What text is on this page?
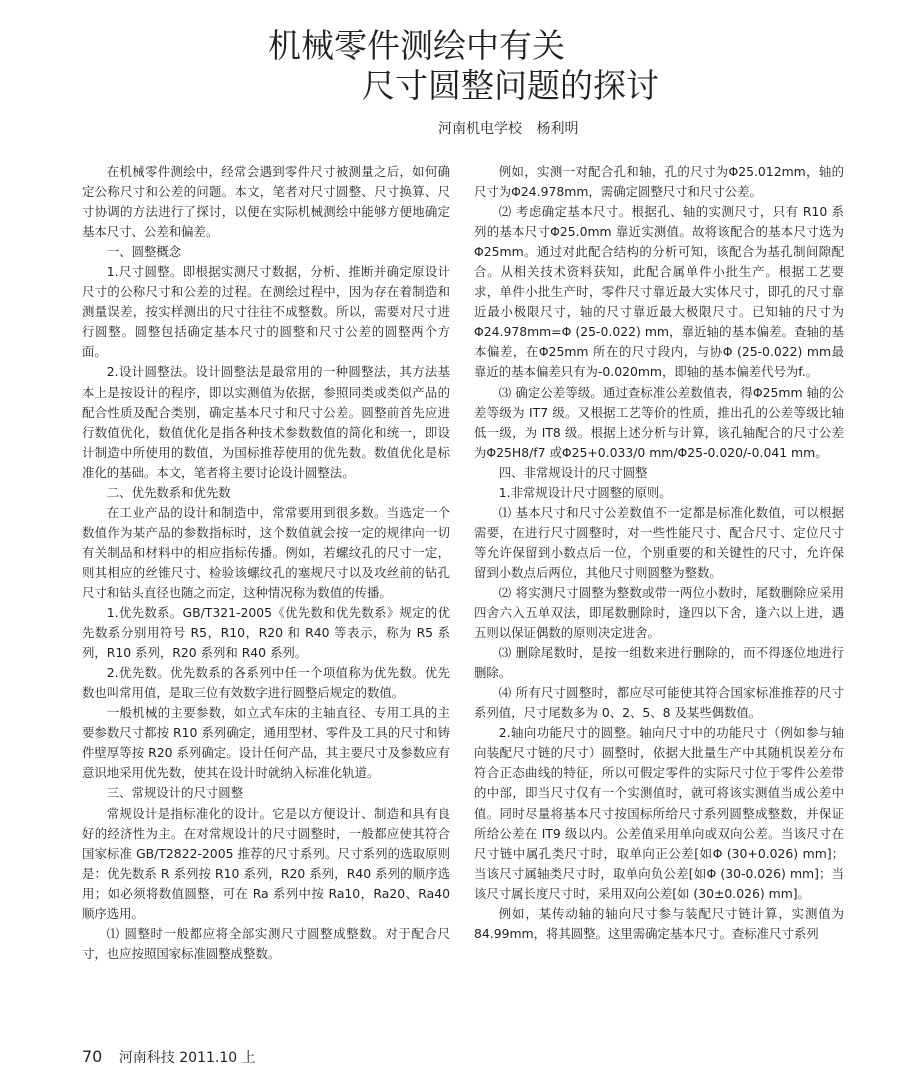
机械零件测绘中有关
尺寸圆整问题的探讨
河南机电学校 杨利明

在机械零件测绘中，经常会遇到零件尺寸被测量之后，如何确定公称尺寸和公差的问题。本文，笔者对尺寸圆整、尺寸换算、尺寸协调的方法进行了探讨，以便在实际机械测绘中能够方便地确定基本尺寸、公差和偏差。

一、圆整概念

1.尺寸圆整。即根据实测尺寸数据，分析、推断并确定原设计尺寸的公称尺寸和公差的过程。在测绘过程中，因为存在着制造和测量误差，按实样测出的尺寸往往不成整数。所以，需要对尺寸进行圆整。圆整包括确定基本尺寸的圆整和尺寸公差的圆整两个方面。

2.设计圆整法。设计圆整法是最常用的一种圆整法，其方法基本上是按设计的程序，即以实测值为依据，参照同类或类似产品的配合性质及配合类别，确定基本尺寸和尺寸公差。圆整前首先应进行数值优化，数值优化是指各种技术参数数值的简化和统一，即设计制造中所使用的数值，为国标推荐使用的优先数。数值优化是标准化的基础。本文，笔者将主要讨论设计圆整法。

二、优先数系和优先数

在工业产品的设计和制造中，常常要用到很多数。当选定一个数值作为某产品的参数指标时，这个数值就会按一定的规律向一切有关制品和材料中的相应指标传播。例如，若螺纹孔的尺寸一定，则其相应的丝锥尺寸、检验该螺纹孔的塞规尺寸以及攻丝前的钻孔尺寸和钻头直径也随之而定，这种情况称为数值的传播。

1.优先数系。GB/T321-2005《优先数和优先数系》规定的优先数系分别用符号 R5，R10，R20 和 R40 等表示，称为 R5 系列，R10 系列，R20 系列和 R40 系列。

2.优先数。优先数系的各系列中任一个项值称为优先数。优先数也叫常用值，是取三位有效数字进行圆整后规定的数值。

一般机械的主要参数，如立式车床的主轴直径、专用工具的主要参数尺寸都按 R10 系列确定，通用型材、零件及工具的尺寸和铸件壁厚等按 R20 系列确定。设计任何产品，其主要尺寸及参数应有意识地采用优先数，使其在设计时就纳入标准化轨道。

三、常规设计的尺寸圆整

常规设计是指标准化的设计。它是以方便设计、制造和具有良好的经济性为主。在对常规设计的尺寸圆整时，一般都应使其符合国家标准 GB/T2822-2005 推荐的尺寸系列。尺寸系列的选取原则是：优先数系 R 系列按 R10 系列，R20 系列，R40 系列的顺序选用；如必须将数值圆整，可在 Ra 系列中按 Ra10，Ra20、Ra40 顺序选用。

⑴ 圆整时一般都应将全部实测尺寸圆整成整数。对于配合尺寸，也应按照国家标准圆整成整数。

例如，实测一对配合孔和轴，孔的尺寸为Φ25.012mm，轴的尺寸为Φ24.978mm，需确定圆整尺寸和尺寸公差。

⑵ 考虑确定基本尺寸。根据孔、轴的实测尺寸，只有 R10 系列的基本尺寸Φ25.0mm 靠近实测值。故将该配合的基本尺寸选为Φ25mm。通过对此配合结构的分析可知，该配合为基孔制间隙配合。从相关技术资料获知，此配合属单件小批生产。根据工艺要求，单件小批生产时，零件尺寸靠近最大实体尺寸，即孔的尺寸靠近最小极限尺寸，轴的尺寸靠近最大极限尺寸。已知轴的尺寸为Φ24.978mm=Φ (25-0.022) mm，靠近轴的基本偏差。查轴的基本偏差，在Φ25mm 所在的尺寸段内，与协Φ (25-0.022) mm最靠近的基本偏差只有为-0.020mm，即轴的基本偏差代号为f.。

⑶ 确定公差等级。通过查标准公差数值表，得Φ25mm 轴的公差等级为 IT7 级。又根据工艺等价的性质，推出孔的公差等级比轴低一级，为 IT8 级。根据上述分析与计算，该孔轴配合的尺寸公差为Φ25H8/f7 或Φ25+0.033/0 mm/Φ25-0.020/-0.041 mm。

四、非常规设计的尺寸圆整

1.非常规设计尺寸圆整的原则。

⑴ 基本尺寸和尺寸公差数值不一定都是标准化数值，可以根据需要，在进行尺寸圆整时，对一些性能尺寸、配合尺寸、定位尺寸等允许保留到小数点后一位，个别重要的和关键性的尺寸，允许保留到小数点后两位，其他尺寸则圆整为整数。

⑵ 将实测尺寸圆整为整数或带一两位小数时，尾数删除应采用四舍六入五单双法，即尾数删除时，逢四以下舍，逢六以上进，遇五则以保证偶数的原则决定进舍。

⑶ 删除尾数时，是按一组数来进行删除的，而不得逐位地进行删除。

⑷ 所有尺寸圆整时，都应尽可能使其符合国家标准推荐的尺寸系列值，尺寸尾数多为 0、2、5、8 及某些偶数值。

2.轴向功能尺寸的圆整。轴向尺寸中的功能尺寸（例如参与轴向装配尺寸链的尺寸）圆整时，依据大批量生产中其随机误差分布符合正态曲线的特征，所以可假定零件的实际尺寸位于零件公差带的中部，即当尺寸仅有一个实测值时，就可将该实测值当成公差中值。同时尽量将基本尺寸按国标所给尺寸系列圆整成整数，并保证所给公差在 IT9 级以内。公差值采用单向或双向公差。当该尺寸在尺寸链中属孔类尺寸时，取单向正公差[如Φ (30+0.026) mm]；当该尺寸属轴类尺寸时，取单向负公差[如Φ (30-0.026) mm]；当该尺寸属长度尺寸时，采用双向公差[如 (30±0.026) mm]。

例如，某传动轴的轴向尺寸参与装配尺寸链计算，实测值为 84.99mm，将其圆整。这里需确定基本尺寸。查标准尺寸系列

70 河南科技 2011.10 上
